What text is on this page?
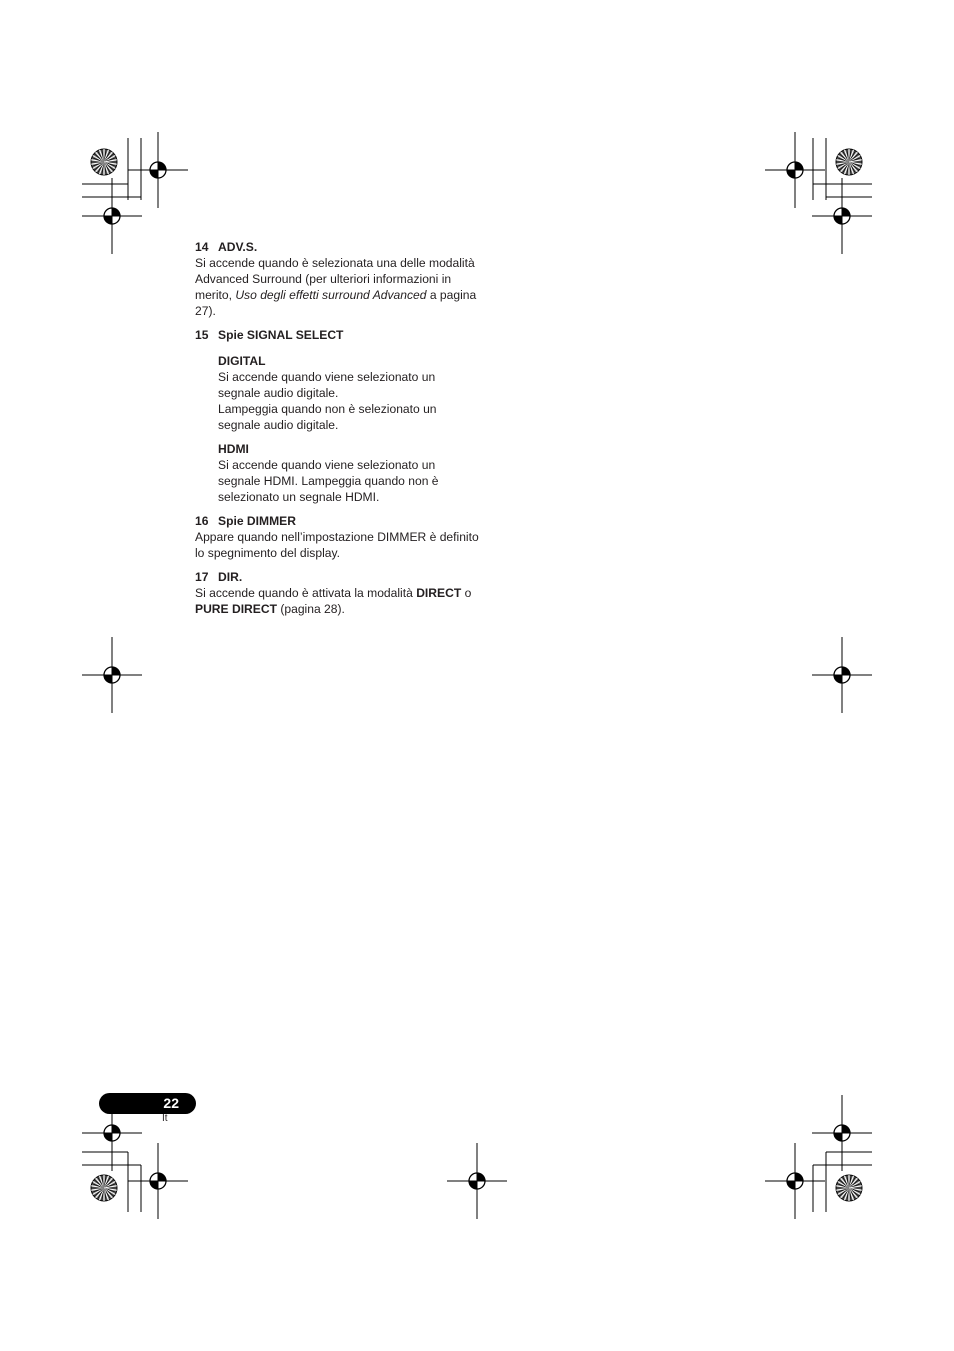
14 ADV.S.

Si accende quando è selezionata una delle modalità Advanced Surround (per ulteriori informazioni in merito, Uso degli effetti surround Advanced a pagina 27).

15 Spie SIGNAL SELECT
DIGITAL

Si accende quando viene selezionato un segnale audio digitale.

Lampeggia quando non è selezionato un segnale audio digitale.

HDMI

Si accende quando viene selezionato un segnale HDMI. Lampeggia quando non è selezionato un segnale HDMI.

16 Spie DIMMER

Appare quando nell’impostazione DIMMER è definito lo spegnimento del display.

17 DIR.

Si accende quando è attivata la modalità DIRECT o PURE DIRECT (pagina 28).

22
It
